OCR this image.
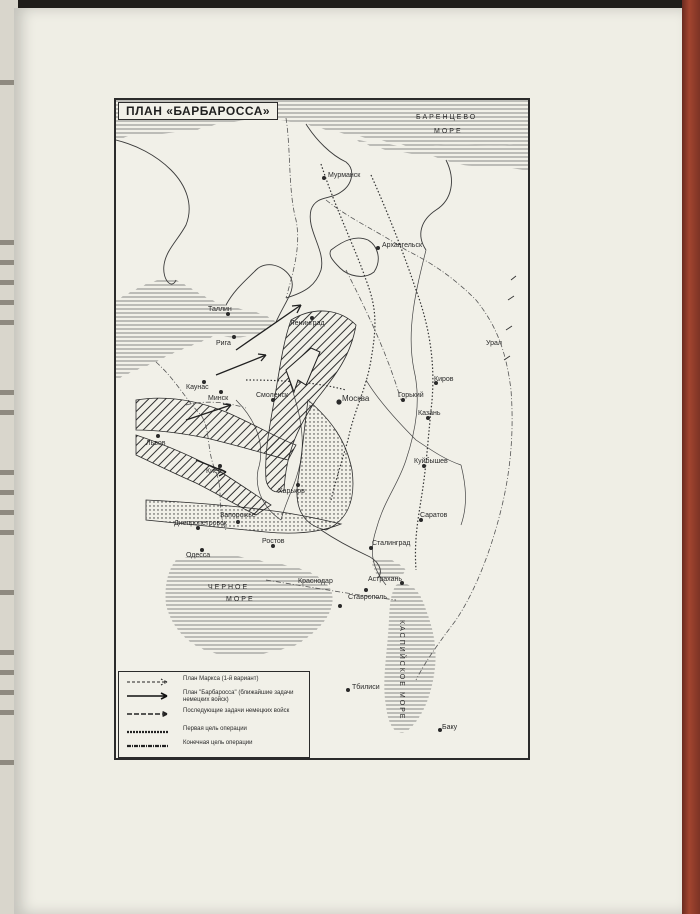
ПЛАН «БАРБАРОССА»	БАРЕНЦЕВО
МОРЕ
Мурманск
Архангельск
Ленинград
Таллин
Рига
Каунас
Минск	Смоленск	Москва	Горький
Казань
Киров
Куйбышев
Киев
Харьков
Днепропетровск
Запорожье
Одесса
Ростов	Сталинград
Саратов
Астрахань
Ставрополь
Краснодар
ЧЕРНОЕ
МОРЕ
КАСПИЙСКОЕ МОРЕ
Тбилиси
Баку
Львов
Урал
План Маркса (1-й вариант)
План "Барбаросса" (ближайшие задачи немецких войск)
Последующие задачи немецких войск
Первая цель операции
Конечная цель операции
